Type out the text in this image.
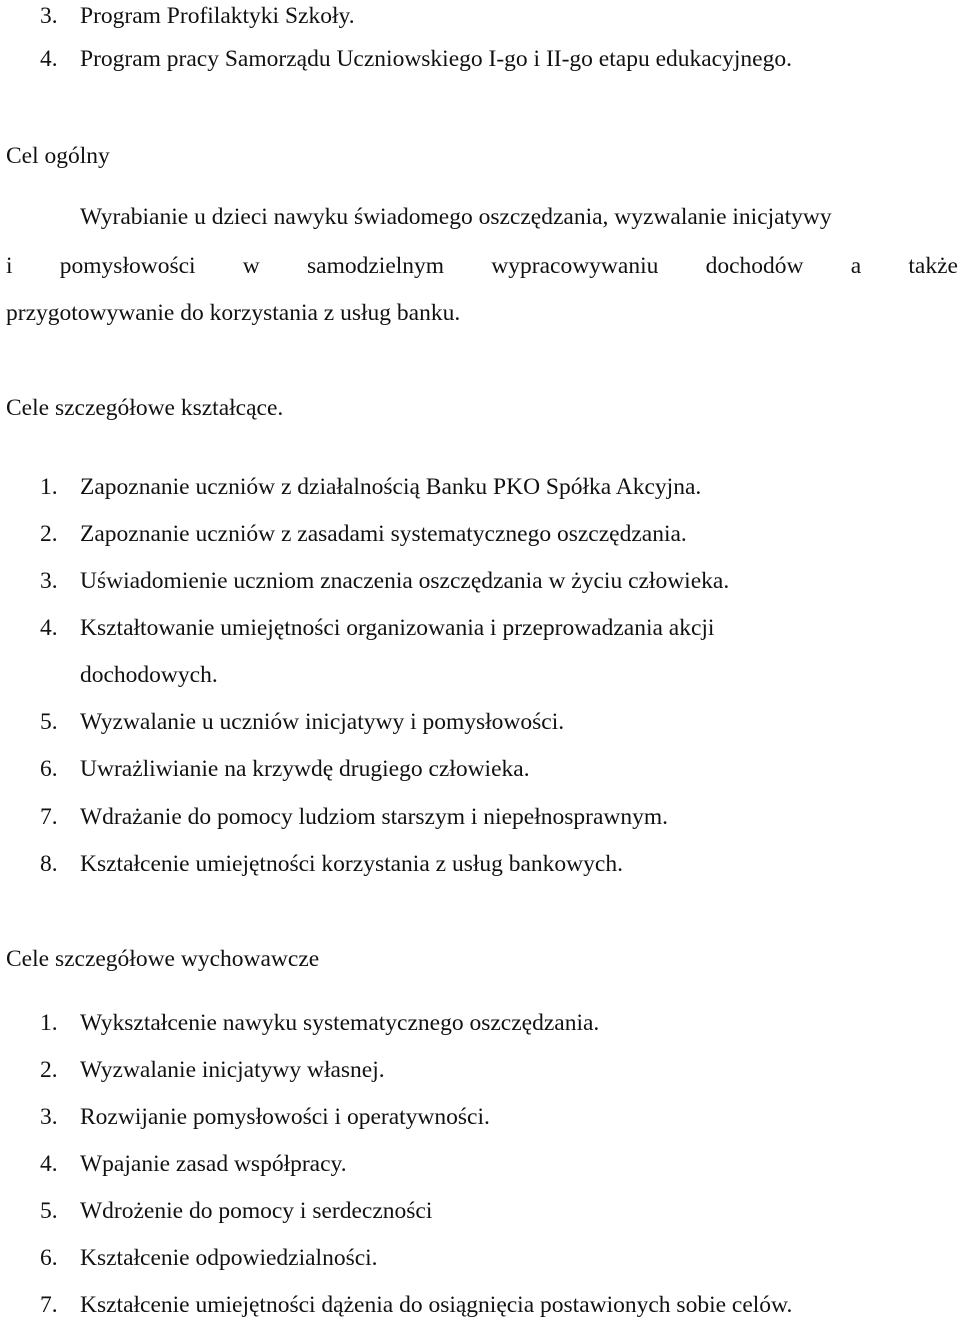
3. Program Profilaktyki Szkoły.
4. Program pracy Samorządu Uczniowskiego I-go i II-go etapu edukacyjnego.
Cel ogólny
Wyrabianie u dzieci nawyku świadomego oszczędzania, wyzwalanie inicjatywy
i pomysłowości w samodzielnym wypracowywaniu dochodów a także
przygotowywanie do korzystania z usług banku.
Cele szczegółowe kształcące.
1. Zapoznanie uczniów z działalnością Banku PKO Spółka Akcyjna.
2. Zapoznanie uczniów z zasadami systematycznego oszczędzania.
3. Uświadomienie uczniom znaczenia oszczędzania w życiu człowieka.
4. Kształtowanie umiejętności organizowania i przeprowadzania akcji
dochodowych.
5. Wyzwalanie u uczniów inicjatywy i pomysłowości.
6. Uwrażliwianie na krzywdę drugiego człowieka.
7. Wdrażanie do pomocy ludziom starszym i niepełnosprawnym.
8. Kształcenie umiejętności korzystania z usług bankowych.
Cele szczegółowe wychowawcze
1. Wykształcenie nawyku systematycznego oszczędzania.
2. Wyzwalanie inicjatywy własnej.
3. Rozwijanie pomysłowości i operatywności.
4. Wpajanie zasad współpracy.
5. Wdrożenie do pomocy i serdeczności
6. Kształcenie odpowiedzialności.
7. Kształcenie umiejętności dążenia do osiągnięcia postawionych sobie celów.
